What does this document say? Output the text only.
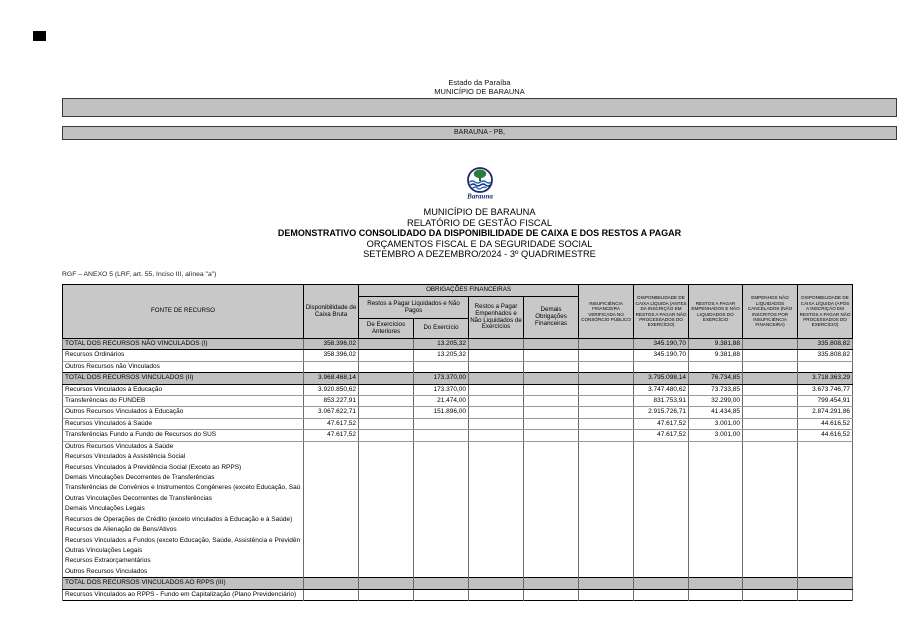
Estado da Paraíba
MUNICÍPIO DE BARAUNA
BARAUNA - PB,
Barauna
MUNICÍPIO DE BARAUNA
RELATÓRIO DE GESTÃO FISCAL
DEMONSTRATIVO CONSOLIDADO DA DISPONIBILIDADE DE CAIXA E DOS RESTOS A PAGAR
ORÇAMENTOS FISCAL E DA SEGURIDADE SOCIAL
SETEMBRO A DEZEMBRO/2024 - 3º QUADRIMESTRE
RGF – ANEXO 5 (LRF, art. 55, Inciso III, alínea "a")
FONTE DE RECURSO	Disponibilidade de Caixa Bruta	OBRIGAÇÕES FINANCEIRAS				INSUFICIÊNCIA FINANCEIRA VERIFICADA NO CONSÓRCIO PÚBLICO	DISPONIBILIDADE DE CAIXA LÍQUIDA (ANTES DA INSCRIÇÃO EM RESTOS A PAGAR NÃO PROCESSADOS DO EXERCÍCIO)	RESTOS A PAGAR EMPENHADOS E NÃO LIQUIDADOS DO EXERCÍCIO	EMPENHOS NÃO LIQUIDADOS CANCELADOS (NÃO INSCRITOS POR INSUFICIÊNCIA FINANCEIRA)	DISPONIBILIDADE DE CAIXA LÍQUIDA (APÓS A INSCRIÇÃO EM RESTOS A PAGAR NÃO PROCESSADOS DO EXERCÍCIO)
		Restos a Pagar Liquidados e Não Pagos		Restos a Pagar Empenhados e Não Liquidados de Exercícios	Demais Obrigações Financeiras					
		De Exercícios Anteriores	Do Exercício							
TOTAL DOS RECURSOS NÃO VINCULADOS (I)	358.396,02		13.205,32				345.190,70	9.381,88		335.808,82
Recursos Ordinários	358.396,02		13.205,32				345.190,70	9.381,88		335.808,82
Outros Recursos não Vinculados										
TOTAL DOS RECURSOS VINCULADOS (II)	3.968.468,14		173.370,00				3.795.098,14	76.734,85		3.718.363,29
Recursos Vinculados à Educação	3.920.850,62		173.370,00				3.747.480,62	73.733,85		3.673.746,77
Transferências do FUNDEB	853.227,91		21.474,00				831.753,91	32.299,00		799.454,91
Outros Recursos Vinculados à Educação	3.067.622,71		151.896,00				2.915.726,71	41.434,85		2.874.291,86
Recursos Vinculados à Saúde	47.617,52						47.617,52	3.001,00		44.616,52
Transferências Fundo a Fundo de Recursos do SUS	47.617,52						47.617,52	3.001,00		44.616,52
Outros Recursos Vinculados à Saúde										
Recursos Vinculados à Assistência Social										
Recursos Vinculados à Previdência Social (Exceto ao RPPS)										
Demais Vinculações Decorrentes de Transferências										
Transferências de Convênios e Instrumentos Congêneres (exceto Educação, Saú										
Outras Vinculações Decorrentes de Transferências										
Demais Vinculações Legais										
Recursos de Operações de Crédito (exceto vinculados à Educação e à Saúde)										
Recursos de Alienação de Bens/Ativos										
Recursos Vinculados a Fundos (exceto Educação, Saúde, Assistência e Previdên										
Outras Vinculações Legais										
Recursos Extraorçamentários										
Outros Recursos Vinculados										
TOTAL DOS RECURSOS VINCULADOS AO RPPS (III)										
Recursos Vinculados ao RPPS - Fundo em Capitalização (Plano Previdenciário)										
